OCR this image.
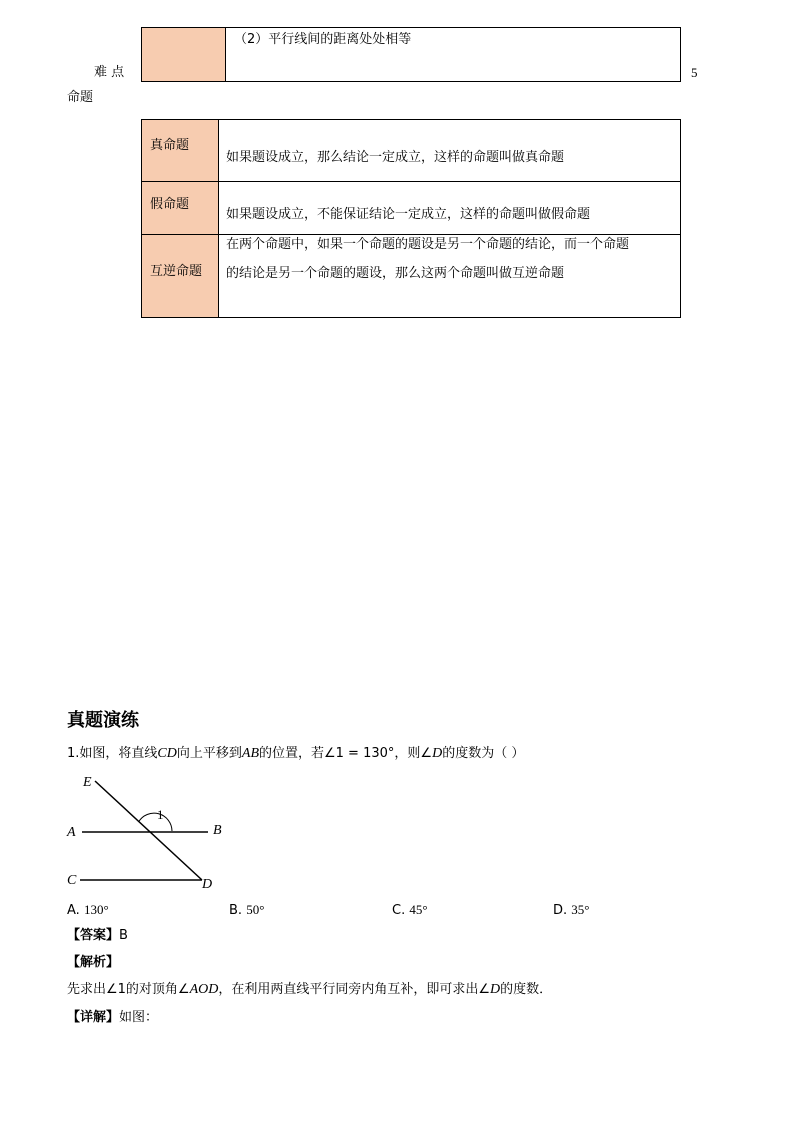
（2）平行线间的距离处处相等
难 点
命题
5
真命题
如果题设成立，那么结论一定成立，这样的命题叫做真命题
假命题
如果题设成立，不能保证结论一定成立，这样的命题叫做假命题
互逆命题
在两个命题中，如果一个命题的题设是另一个命题的结论，而一个命题
的结论是另一个命题的题设，那么这两个命题叫做互逆命题
真题演练
1.如图，将直线CD向上平移到AB的位置，若∠1 = 130°，则∠D的度数为（ ）
E
A	B
C	D
1
A. 130°	B. 50°	C. 45°	D. 35°
【答案】B
【解析】
先求出∠1的对顶角∠AOD，在利用两直线平行同旁内角互补，即可求出∠D的度数．
【详解】如图：
